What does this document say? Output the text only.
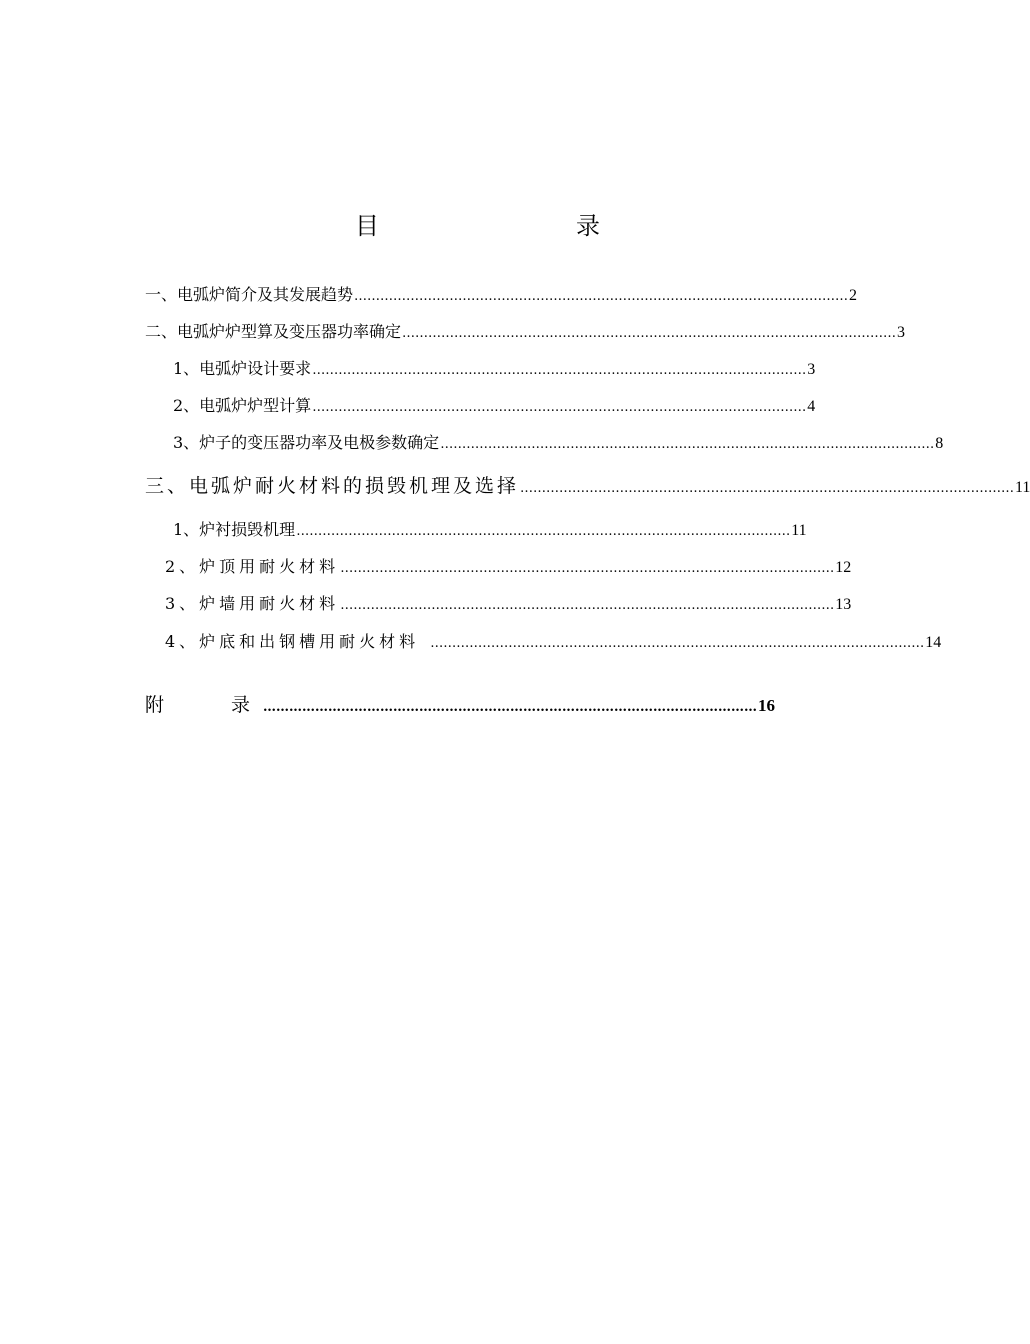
目	录
一、电弧炉简介及其发展趋势 …………………………………………………………………………………………………… 2
二、电弧炉炉型算及变压器功率确定 …………………………………………………………………………………………………… 3
1、电弧炉设计要求 …………………………………………………………………………………………………… 3
2、电弧炉炉型计算 …………………………………………………………………………………………………… 4
3、炉子的变压器功率及电极参数确定 …………………………………………………………………………………………………… 8
三、电弧炉耐火材料的损毁机理及选择 …………………………………………………………………………………………………… 11
1、炉衬损毁机理 …………………………………………………………………………………………………… 11
2、炉顶用耐火材料 …………………………………………………………………………………………………… 12
3、炉墙用耐火材料 …………………………………………………………………………………………………… 13
4、炉底和出钢槽用耐火材料 …………………………………………………………………………………………………… 14
附	录 …………………………………………………………………………………………………… 16
